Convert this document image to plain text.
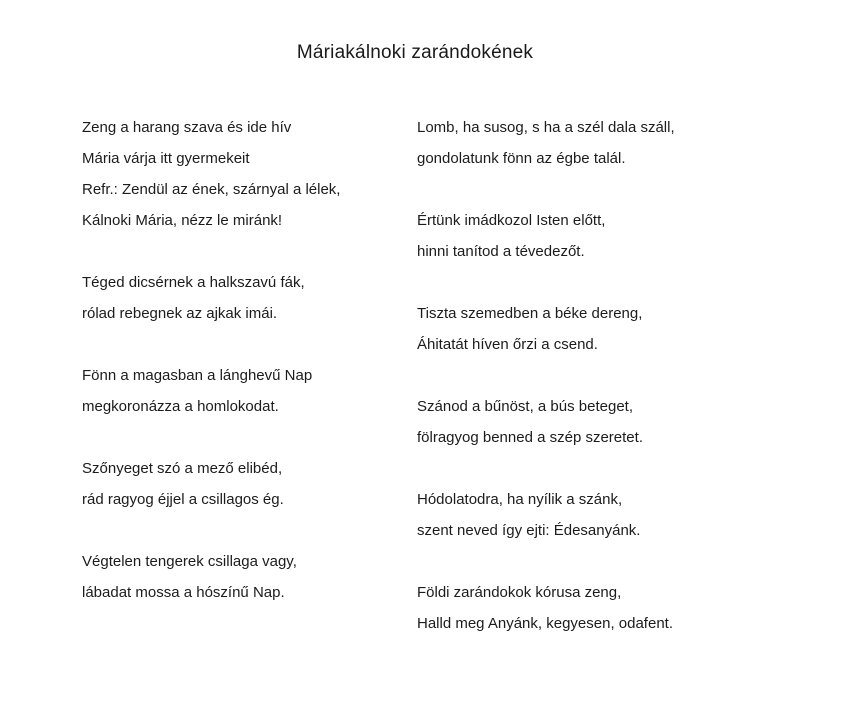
Máriakálnoki zarándokének
Zeng a harang szava és ide hív
Mária várja itt gyermekeit
Refr.: Zendül az ének, szárnyal a lélek,
Kálnoki Mária, nézz le miránk!
Téged dicsérnek a halkszavú fák,
rólad rebegnek az ajkak imái.
Fönn a magasban a lánghevű Nap
megkoronázza a homlokodat.
Szőnyeget szó a mező elibéd,
rád ragyog éjjel a csillagos ég.
Végtelen tengerek csillaga vagy,
lábadat mossa a hószínű Nap.
Lomb, ha susog, s ha a szél dala száll,
gondolatunk fönn az égbe talál.
Értünk imádkozol Isten előtt,
hinni tanítod a tévedezőt.
Tiszta szemedben a béke dereng,
Áhitatát híven őrzi a csend.
Szánod a bűnöst, a bús beteget,
fölragyog benned a szép szeretet.
Hódolatodra, ha nyílik a szánk,
szent neved így ejti: Édesanyánk.
Földi zarándokok kórusa zeng,
Halld meg Anyánk, kegyesen, odafent.
